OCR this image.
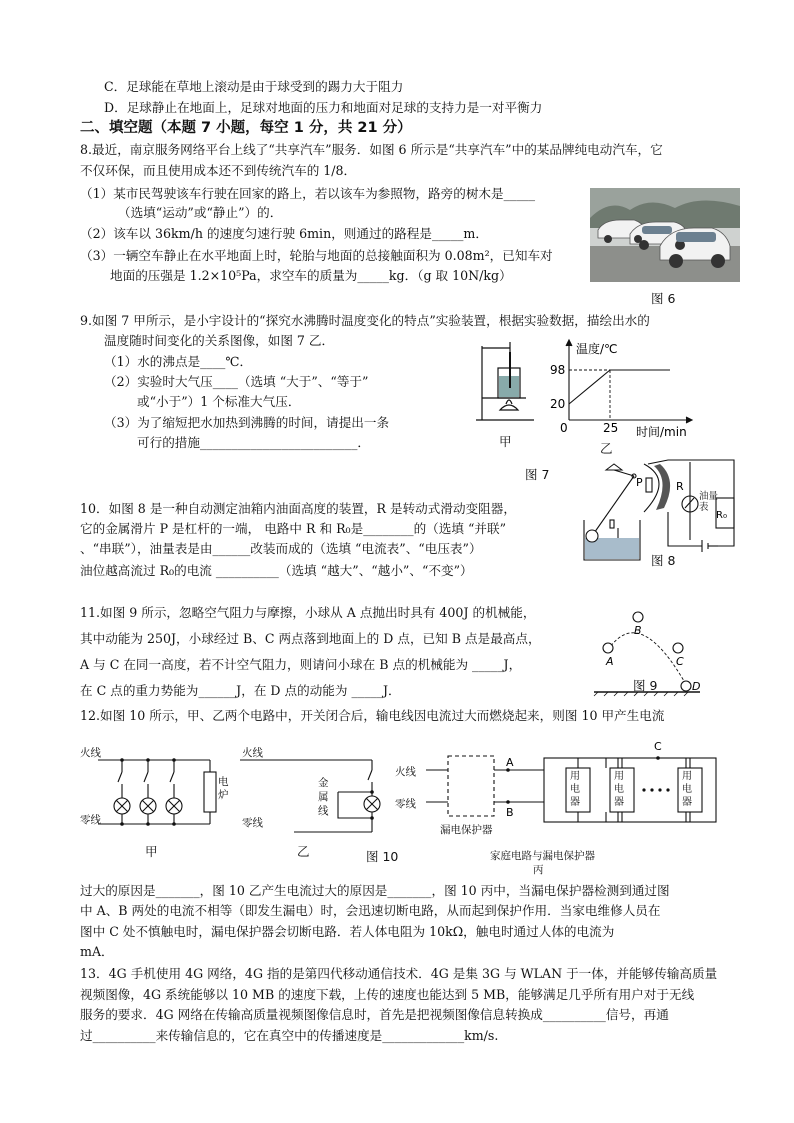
C．足球能在草地上滚动是由于球受到的踢力大于阻力
D．足球静止在地面上，足球对地面的压力和地面对足球的支持力是一对平衡力
二、填空题（本题 7 小题，每空 1 分，共 21 分）
8.最近，南京服务网络平台上线了“共享汽车”服务．如图 6 所示是“共享汽车”中的某品牌纯电动汽车，它
不仅环保，而且使用成本还不到传统汽车的 1/8．
（1）某市民驾驶该车行驶在回家的路上，若以该车为参照物，路旁的树木是_____
（选填“运动”或“静止”）的．
（2）该车以 36km/h 的速度匀速行驶 6min，则通过的路程是_____m．
（3）一辆空车静止在水平地面上时，轮胎与地面的总接触面积为 0.08m²，已知车对
地面的压强是 1.2×10⁵Pa，求空车的质量为_____kg．（g 取 10N/kg）
图 6
9.如图 7 甲所示，是小宇设计的“探究水沸腾时温度变化的特点”实验装置，根据实验数据，描绘出水的
温度随时间变化的关系图像，如图 7 乙．
（1）水的沸点是____℃．
（2）实验时大气压____（选填 “大于”、“等于”
或“小于”）1 个标准大气压．
（3）为了缩短把水加热到沸腾的时间，请提出一条
可行的措施_________________________．	甲
温度/℃
98
20
0	25 时间/min
乙
图 7
10．如图 8 是一种自动测定油箱内油面高度的装置，R 是转动式滑动变阻器，
它的金属滑片 P 是杠杆的一端， 电路中 R 和 R₀是________的（选填 “并联”
、“串联”），油量表是由______改装而成的（选填 “电流表”、“电压表”）
油位越高流过 R₀的电流 __________（选填 “越大”、“越小”、“不变”）
P	R
R₀
油量表
图 8
11.如图 9 所示，忽略空气阻力与摩擦，小球从 A 点抛出时具有 400J 的机械能，
其中动能为 250J，小球经过 B、C 两点落到地面上的 D 点，已知 B 点是最高点，
A 与 C 在同一高度，若不计空气阻力，则请问小球在 B 点的机械能为 _____J，
在 C 点的重力势能为______J，在 D 点的动能为 _____J．
A
B
C
D
图 9
12.如图 10 所示，甲、乙两个电路中，开关闭合后，输电线因电流过大而燃烧起来，则图 10 甲产生电流
火线
零线
电炉
甲
火线
零线
金属线
乙	图 10
A
B
C
火线
零线
用电器
用电器
用电器
漏电保护器
家庭电路与漏电保护器
丙
过大的原因是_______，图 10 乙产生电流过大的原因是_______，图 10 丙中，当漏电保护器检测到通过图
中 A、B 两处的电流不相等（即发生漏电）时，会迅速切断电路，从而起到保护作用．当家电维修人员在
图中 C 处不慎触电时，漏电保护器会切断电路．若人体电阻为 10kΩ，触电时通过人体的电流为
mA．
13．4G 手机使用 4G 网络，4G 指的是第四代移动通信技术．4G 是集 3G 与 WLAN 于一体，并能够传输高质量
视频图像，4G 系统能够以 10 MB 的速度下载，上传的速度也能达到 5 MB，能够满足几乎所有用户对于无线
服务的要求．4G 网络在传输高质量视频图像信息时，首先是把视频图像信息转换成__________信号，再通
过__________来传输信息的，它在真空中的传播速度是_____________km/s.
